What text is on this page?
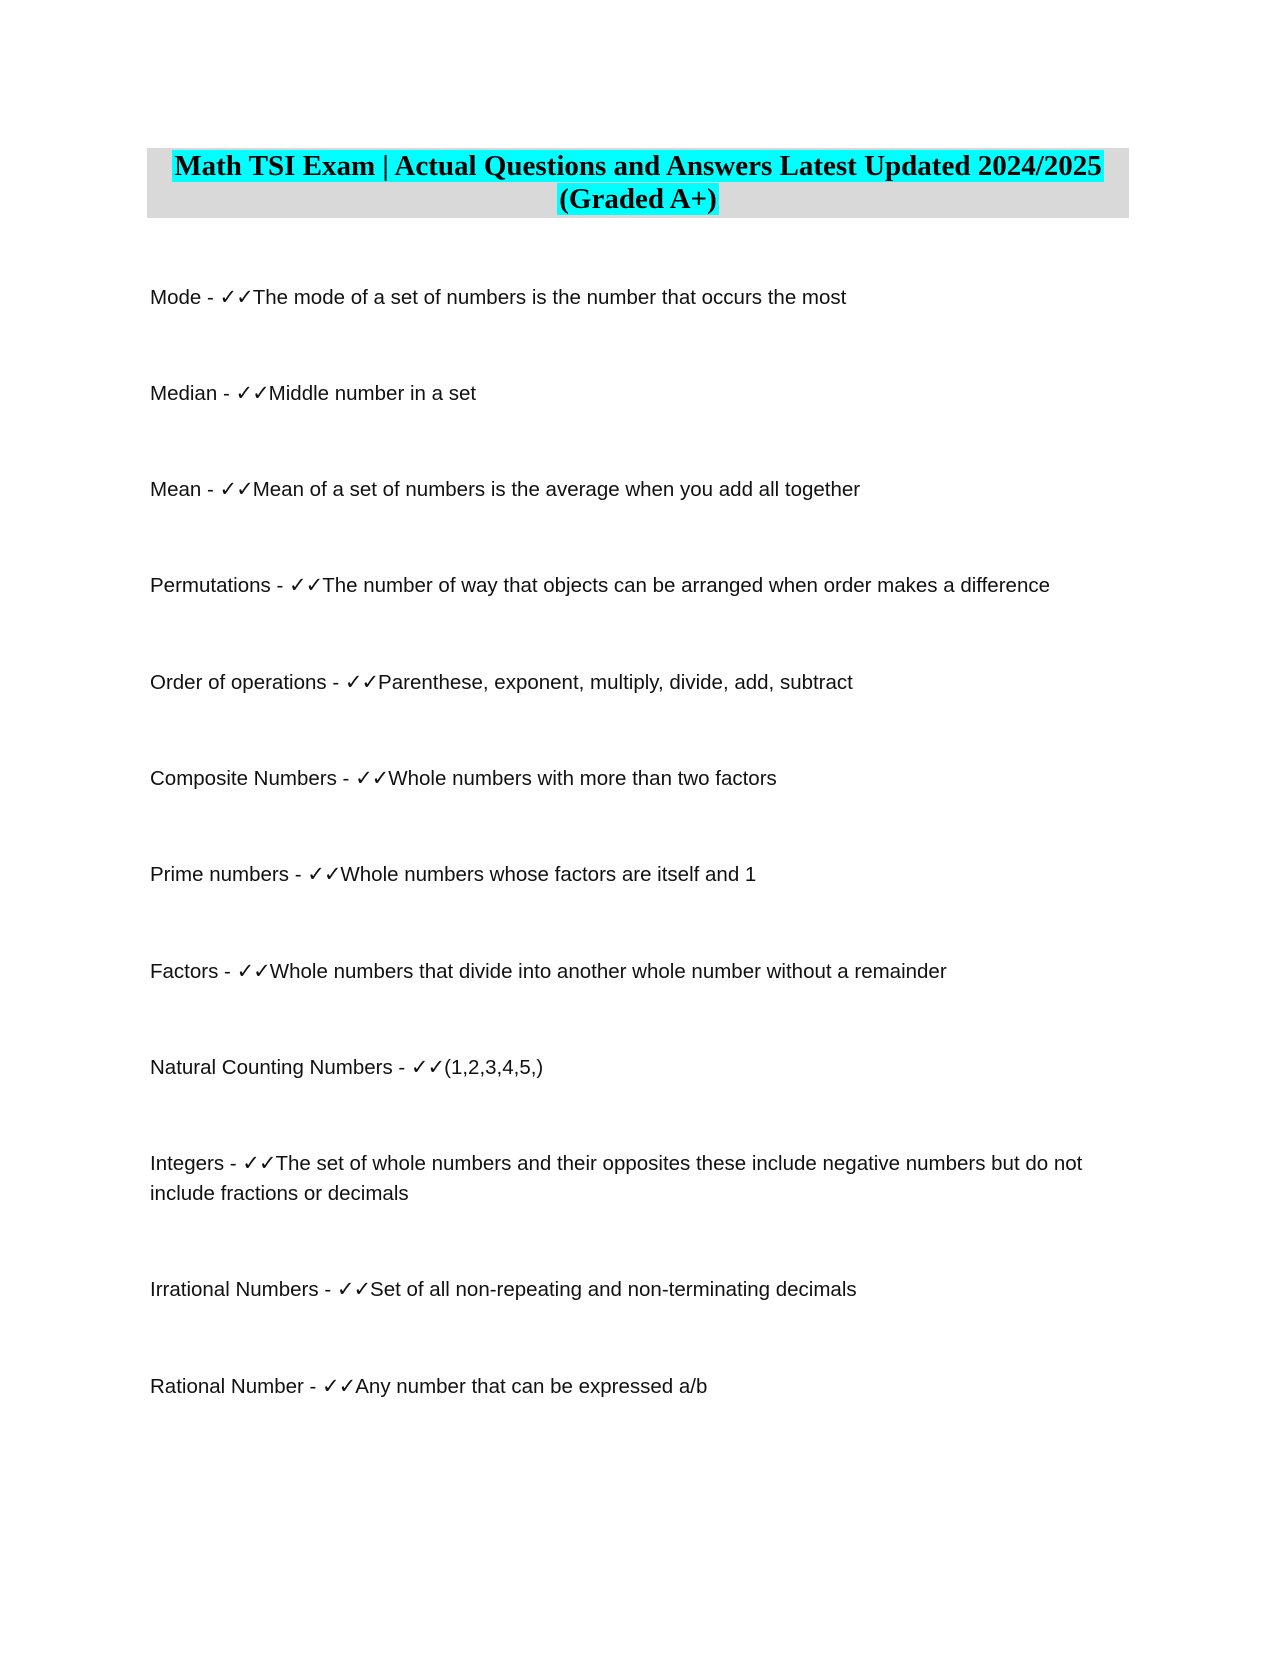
Math TSI Exam | Actual Questions and Answers Latest Updated 2024/2025
(Graded A+)
Mode - ✓✓The mode of a set of numbers is the number that occurs the most
Median - ✓✓Middle number in a set
Mean - ✓✓Mean of a set of numbers is the average when you add all together
Permutations - ✓✓The number of way that objects can be arranged when order makes a difference
Order of operations - ✓✓Parenthese, exponent, multiply, divide, add, subtract
Composite Numbers - ✓✓Whole numbers with more than two factors
Prime numbers - ✓✓Whole numbers whose factors are itself and 1
Factors - ✓✓Whole numbers that divide into another whole number without a remainder
Natural Counting Numbers - ✓✓(1,2,3,4,5,)
Integers - ✓✓The set of whole numbers and their opposites these include negative numbers but do not include fractions or decimals
Irrational Numbers - ✓✓Set of all non-repeating and non-terminating decimals
Rational Number - ✓✓Any number that can be expressed a/b
